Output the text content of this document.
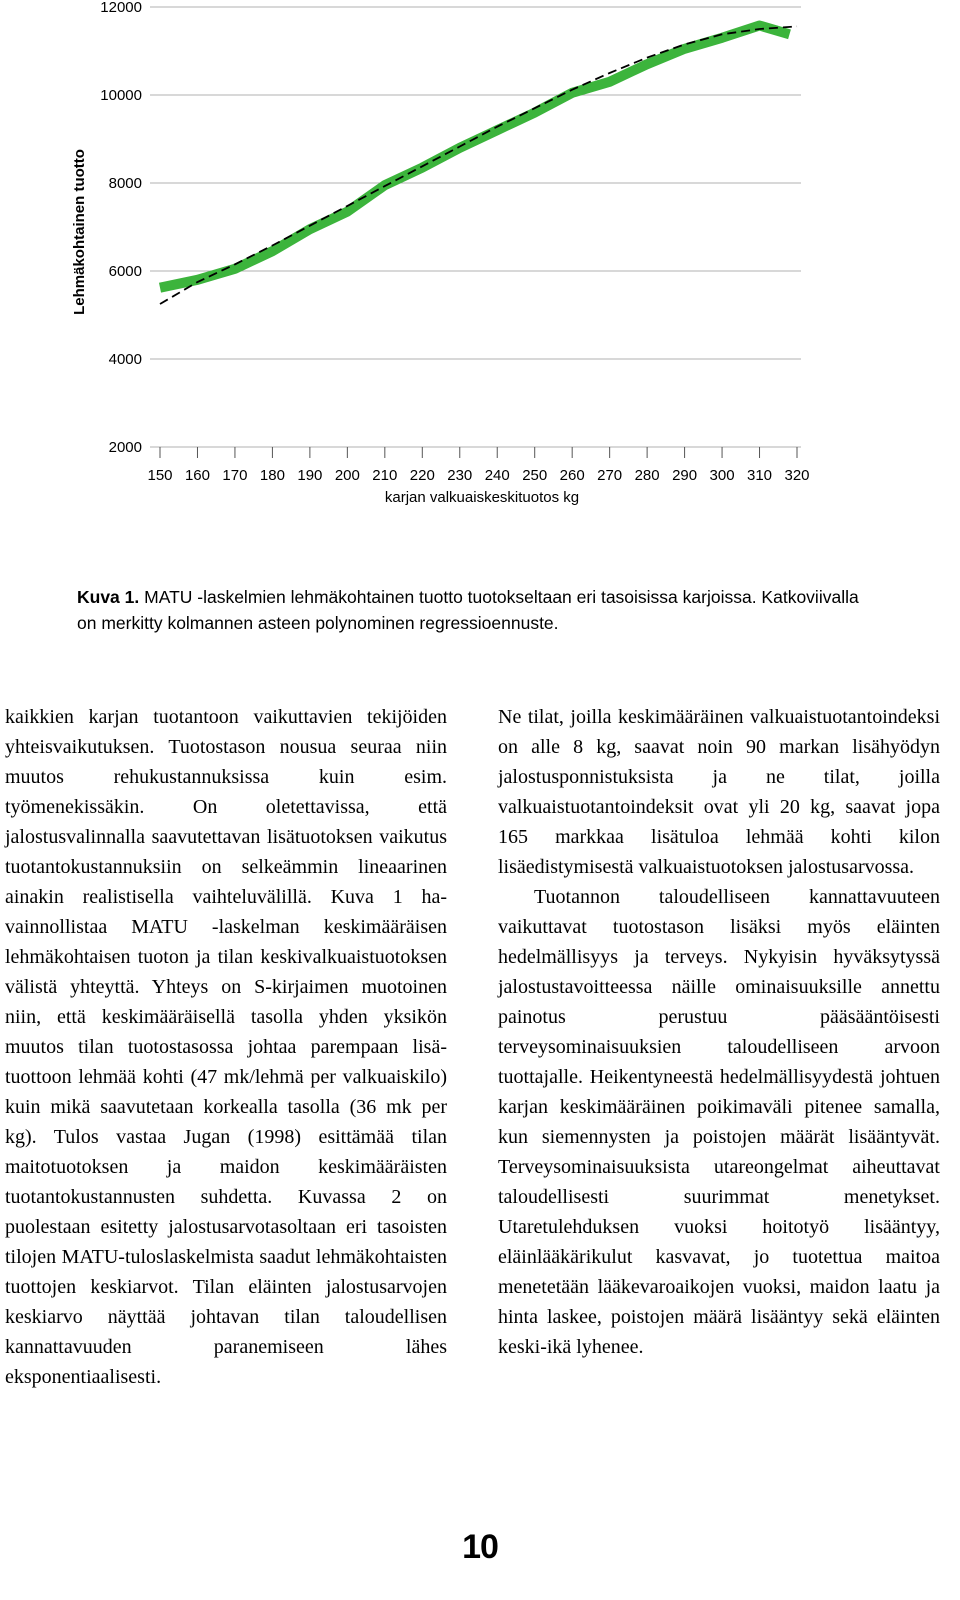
2000
4000
6000
8000
10000
12000
150 160 170 180 190 200 210 220 230 240 250 260 270 280 290 300 310 320
karjan valkuaiskeskituotos kg
Lehmäkohtainen tuotto
Kuva 1. MATU -laskelmien lehmäkohtainen tuotto tuotokseltaan eri tasoisissa karjoissa. Katkoviivalla on merkitty kolmannen asteen polynominen regressioennuste.

kaikkien karjan tuotantoon vaikuttavien tekijöiden yhteisvaikutuksen. Tuotostason nousua seuraa niin muutos rehukustannuksissa kuin esim. työmenekissäkin. On oletettavissa, että jalostusvalinnalla saavutettavan lisätuotoksen vaikutus tuotantokustannuksiin on selkeämmin lineaarinen ainakin realistisella vaihteluvälillä. Kuva 1 havainnollistaa MATU -laskelman keskimääräisen lehmäkohtaisen tuoton ja tilan keskivalkuaistuotoksen välistä yhteyttä. Yhteys on S-kirjaimen muotoinen niin, että keskimääräisellä tasolla yhden yksikön muutos tilan tuotostasossa johtaa parempaan lisätuottoon lehmää kohti (47 mk/lehmä per valkuaiskilo) kuin mikä saavutetaan korkealla tasolla (36 mk per kg). Tulos vastaa Jugan (1998) esittämää tilan maitotuotoksen ja maidon keskimääräisten tuotantokustannusten suhdetta. Kuvassa 2 on puolestaan esitetty jalostusarvotasoltaan eri tasoisten tilojen MATU-tuloslaskelmista saadut lehmäkohtaisten tuottojen keskiarvot. Tilan eläinten jalostusarvojen keskiarvo näyttää johtavan tilan taloudellisen kannattavuuden paranemiseen lähes eksponentiaalisesti.

Ne tilat, joilla keskimääräinen valkuaistuotantoindeksi on alle 8 kg, saavat noin 90 markan lisähyödyn jalostusponnistuksista ja ne tilat, joilla valkuaistuotantoindeksit ovat yli 20 kg, saavat jopa 165 markkaa lisätuloa lehmää kohti kilon lisäedistymisestä valkuaistuotoksen jalostusarvossa.

Tuotannon taloudelliseen kannattavuuteen vaikuttavat tuotostason lisäksi myös eläinten hedelmällisyys ja terveys. Nykyisin hyväksytyssä jalostustavoitteessa näille ominaisuuksille annettu painotus perustuu pääsääntöisesti terveysominaisuuksien taloudelliseen arvoon tuottajalle. Heikentyneestä hedelmällisyydestä johtuen karjan keskimääräinen poikimaväli pitenee samalla, kun siemennysten ja poistojen määrät lisääntyvät. Terveysominaisuuksista utareongelmat aiheuttavat taloudellisesti suurimmat menetykset. Utaretulehduksen vuoksi hoitotyö lisääntyy, eläinlääkärikulut kasvavat, jo tuotettua maitoa menetetään lääkevaroaikojen vuoksi, maidon laatu ja hinta laskee, poistojen määrä lisääntyy sekä eläinten keski-ikä lyhenee.

10
